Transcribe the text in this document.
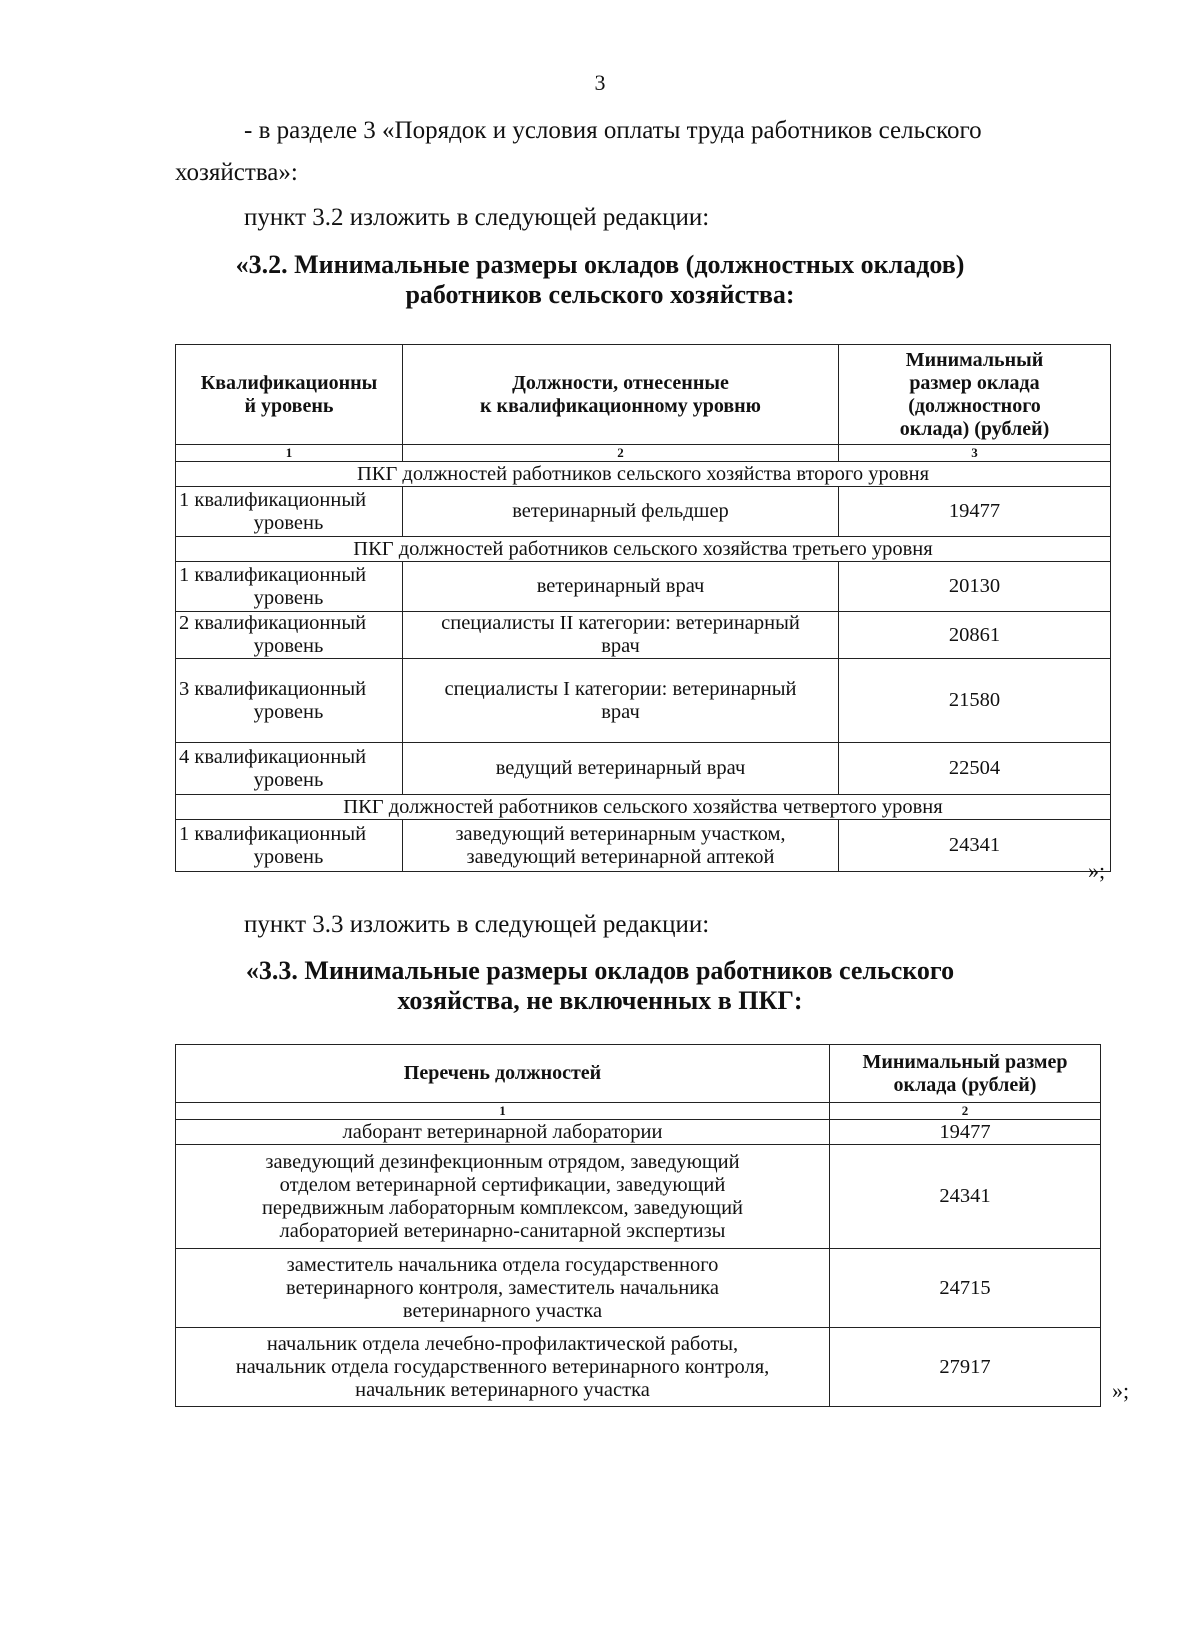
3
- в разделе 3 «Порядок и условия оплаты труда работников сельского
хозяйства»:
пункт 3.2 изложить в следующей редакции:
«3.2. Минимальные размеры окладов (должностных окладов)
работников сельского хозяйства:
Квалификационны
й уровень	Должности, отнесенные
к квалификационному уровню	Минимальный
размер оклада
(должностного
оклада) (рублей)

1	2	3
ПКГ должностей работников сельского хозяйства второго уровня		

1 квалификационный
уровень	ветеринарный фельдшер	19477
ПКГ должностей работников сельского хозяйства третьего уровня		

1 квалификационный
уровень	ветеринарный врач	20130

2 квалификационный
уровень	специалисты II категории: ветеринарный
врач	20861

3 квалификационный
уровень	специалисты I категории: ветеринарный
врач	21580

4 квалификационный
уровень	ведущий ветеринарный врач	22504
ПКГ должностей работников сельского хозяйства четвертого уровня		

1 квалификационный
уровень	заведующий ветеринарным участком,
заведующий ветеринарной аптекой	24341
»;
пункт 3.3 изложить в следующей редакции:
«3.3. Минимальные размеры окладов работников сельского
хозяйства, не включенных в ПКГ:
Перечень должностей	Минимальный размер
оклада (рублей)

1	2

лаборант ветеринарной лаборатории	19477

заведующий дезинфекционным отрядом, заведующий
отделом ветеринарной сертификации, заведующий
передвижным лабораторным комплексом, заведующий
лабораторией ветеринарно-санитарной экспертизы	24341

заместитель начальника отдела государственного
ветеринарного контроля, заместитель начальника
ветеринарного участка	24715

начальник отдела лечебно-профилактической работы,
начальник отдела государственного ветеринарного контроля,
начальник ветеринарного участка	27917
»;
